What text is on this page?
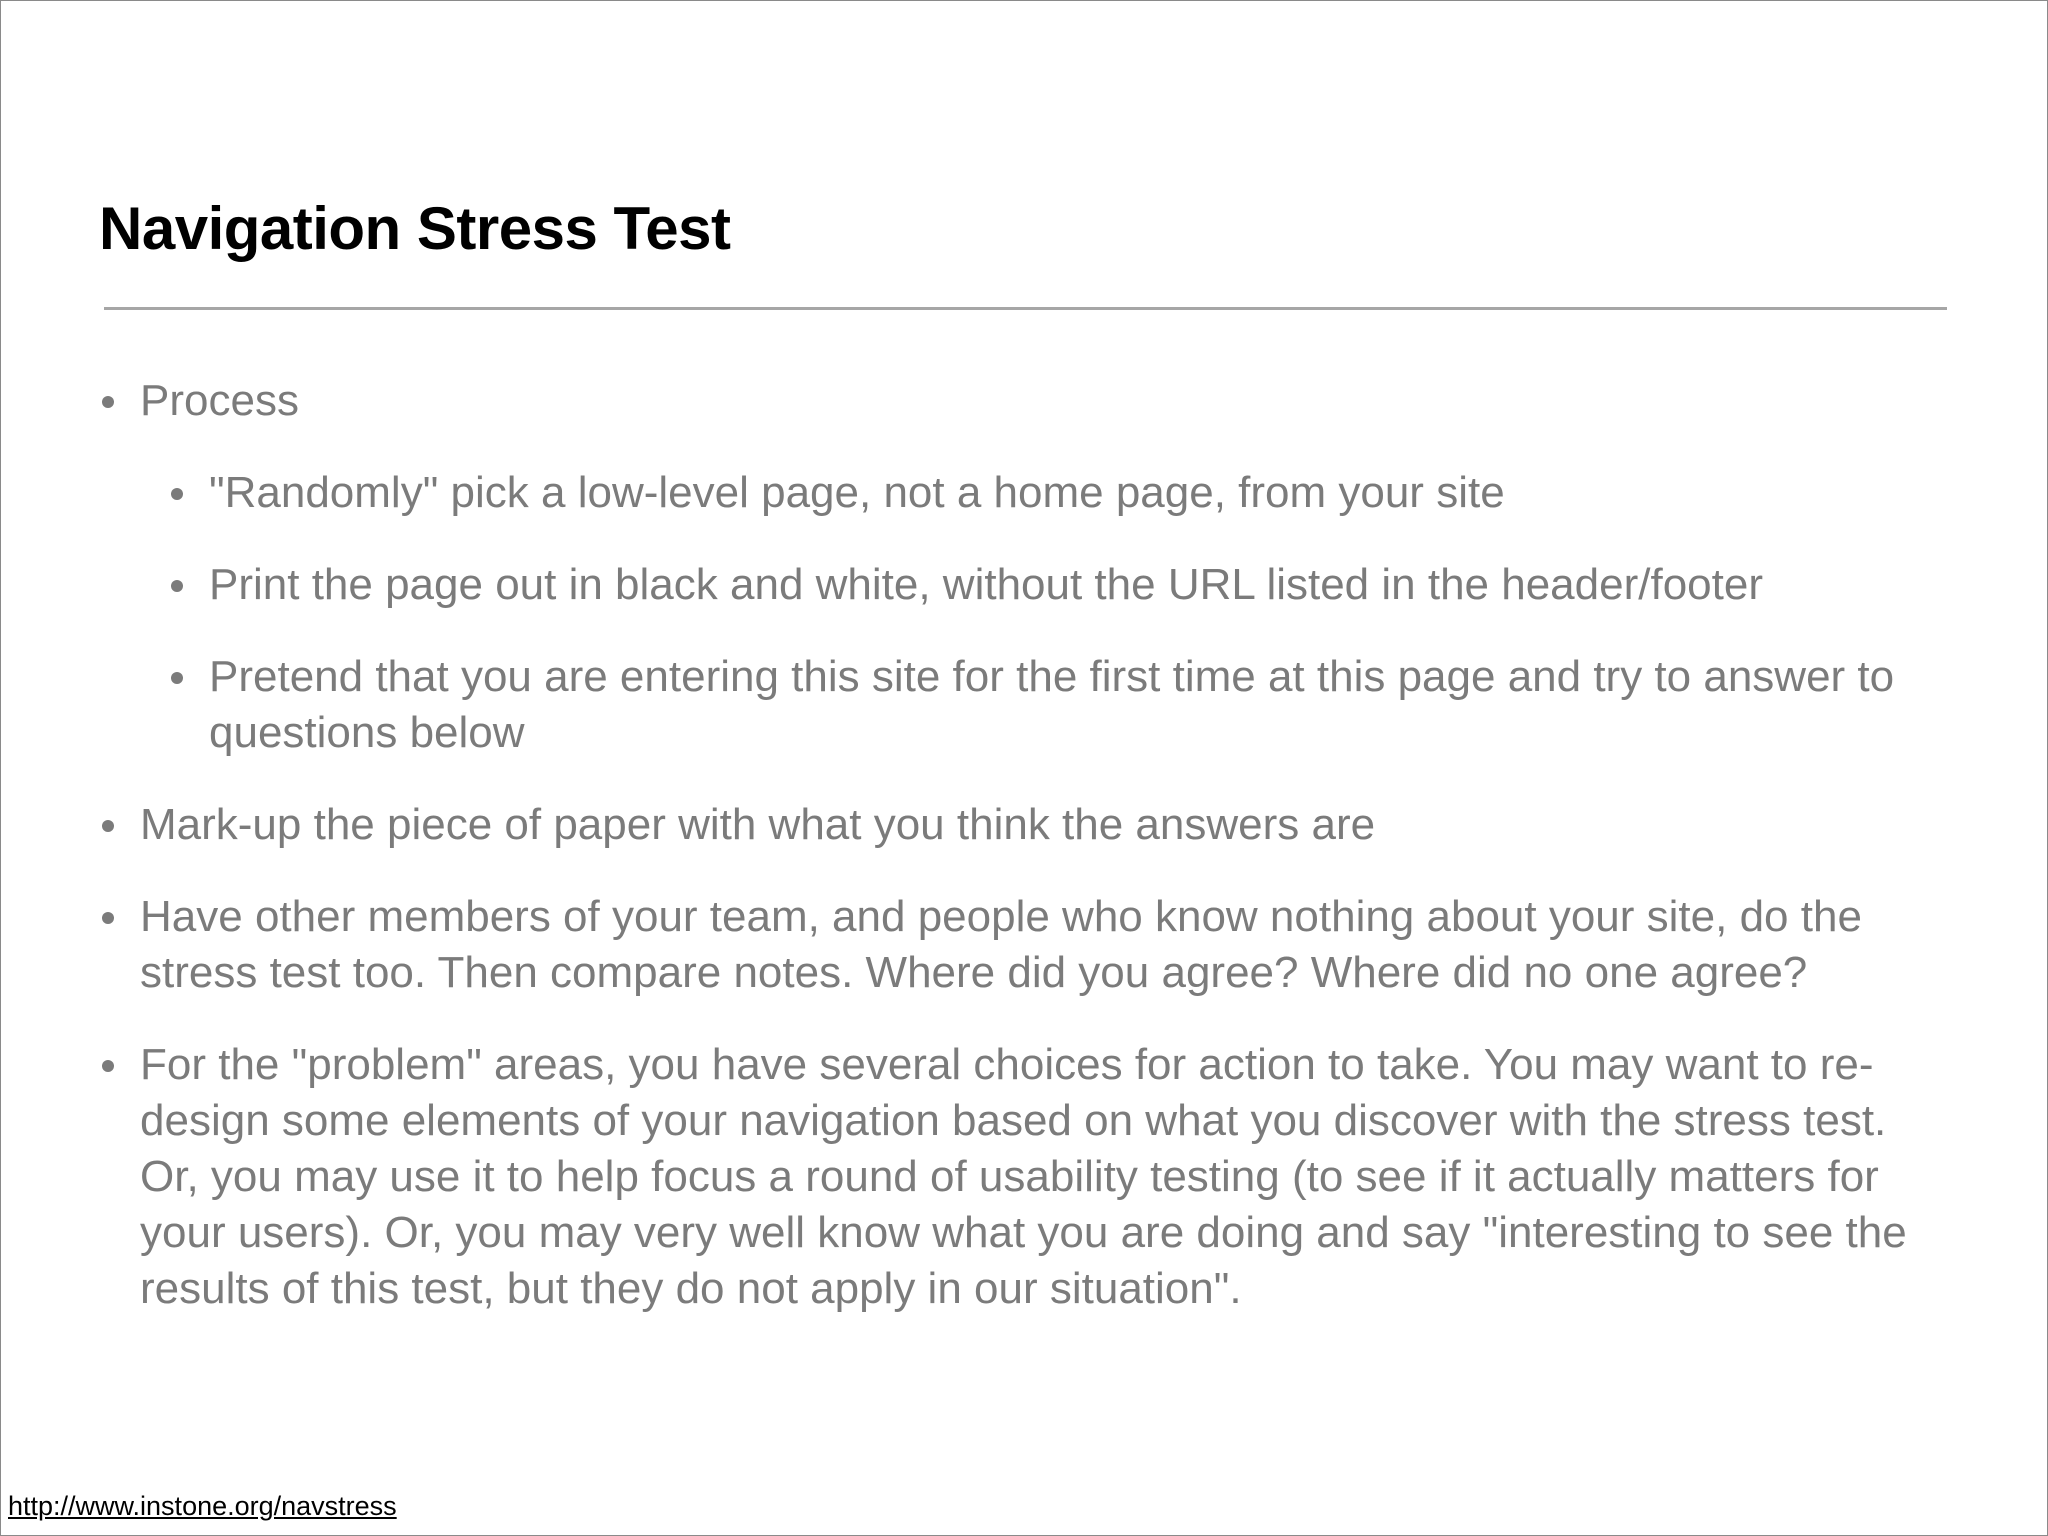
Navigation Stress Test
Process
"Randomly" pick a low-level page, not a home page, from your site
Print the page out in black and white, without the URL listed in the header/footer
Pretend that you are entering this site for the first time at this page and try to answer to questions below
Mark-up the piece of paper with what you think the answers are
Have other members of your team, and people who know nothing about your site, do the stress test too. Then compare notes. Where did you agree? Where did no one agree?
For the "problem" areas, you have several choices for action to take. You may want to re-design some elements of your navigation based on what you discover with the stress test. Or, you may use it to help focus a round of usability testing (to see if it actually matters for your users). Or, you may very well know what you are doing and say "interesting to see the results of this test, but they do not apply in our situation".
http://www.instone.org/navstress
